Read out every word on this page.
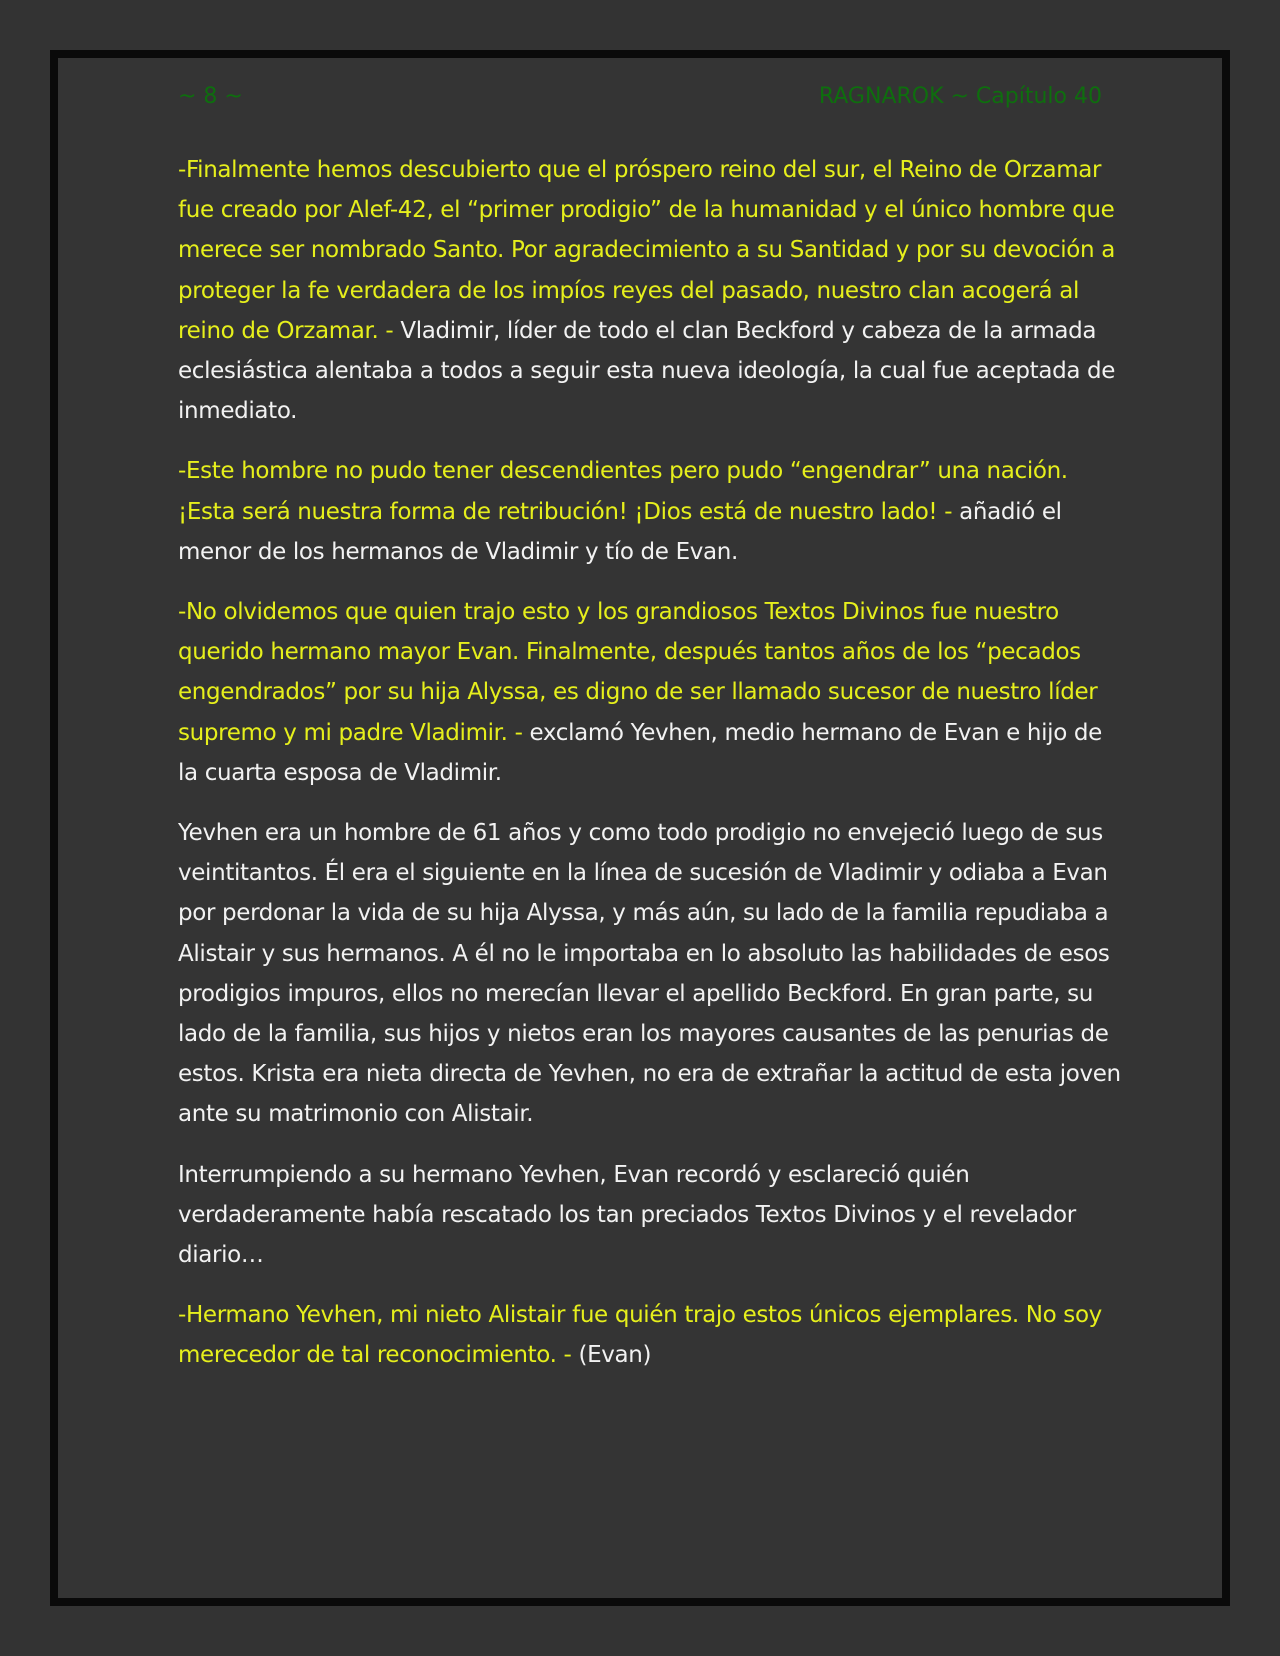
~ 8 ~	RAGNAROK ~ Capítulo 40

-Finalmente hemos descubierto que el próspero reino del sur, el Reino de Orzamar fue creado por Alef-42, el “primer prodigio” de la humanidad y el único hombre que merece ser nombrado Santo. Por agradecimiento a su Santidad y por su devoción a proteger la fe verdadera de los impíos reyes del pasado, nuestro clan acogerá al reino de Orzamar. - Vladimir, líder de todo el clan Beckford y cabeza de la armada eclesiástica alentaba a todos a seguir esta nueva ideología, la cual fue aceptada de inmediato.

-Este hombre no pudo tener descendientes pero pudo “engendrar” una nación. ¡Esta será nuestra forma de retribución! ¡Dios está de nuestro lado! - añadió el menor de los hermanos de Vladimir y tío de Evan.

-No olvidemos que quien trajo esto y los grandiosos Textos Divinos fue nuestro querido hermano mayor Evan. Finalmente, después tantos años de los “pecados engendrados” por su hija Alyssa, es digno de ser llamado sucesor de nuestro líder supremo y mi padre Vladimir. - exclamó Yevhen, medio hermano de Evan e hijo de la cuarta esposa de Vladimir.

Yevhen era un hombre de 61 años y como todo prodigio no envejeció luego de sus veintitantos. Él era el siguiente en la línea de sucesión de Vladimir y odiaba a Evan por perdonar la vida de su hija Alyssa, y más aún, su lado de la familia repudiaba a Alistair y sus hermanos. A él no le importaba en lo absoluto las habilidades de esos prodigios impuros, ellos no merecían llevar el apellido Beckford. En gran parte, su lado de la familia, sus hijos y nietos eran los mayores causantes de las penurias de estos. Krista era nieta directa de Yevhen, no era de extrañar la actitud de esta joven ante su matrimonio con Alistair.

Interrumpiendo a su hermano Yevhen, Evan recordó y esclareció quién verdaderamente había rescatado los tan preciados Textos Divinos y el revelador diario…

-Hermano Yevhen, mi nieto Alistair fue quién trajo estos únicos ejemplares. No soy merecedor de tal reconocimiento. - (Evan)
